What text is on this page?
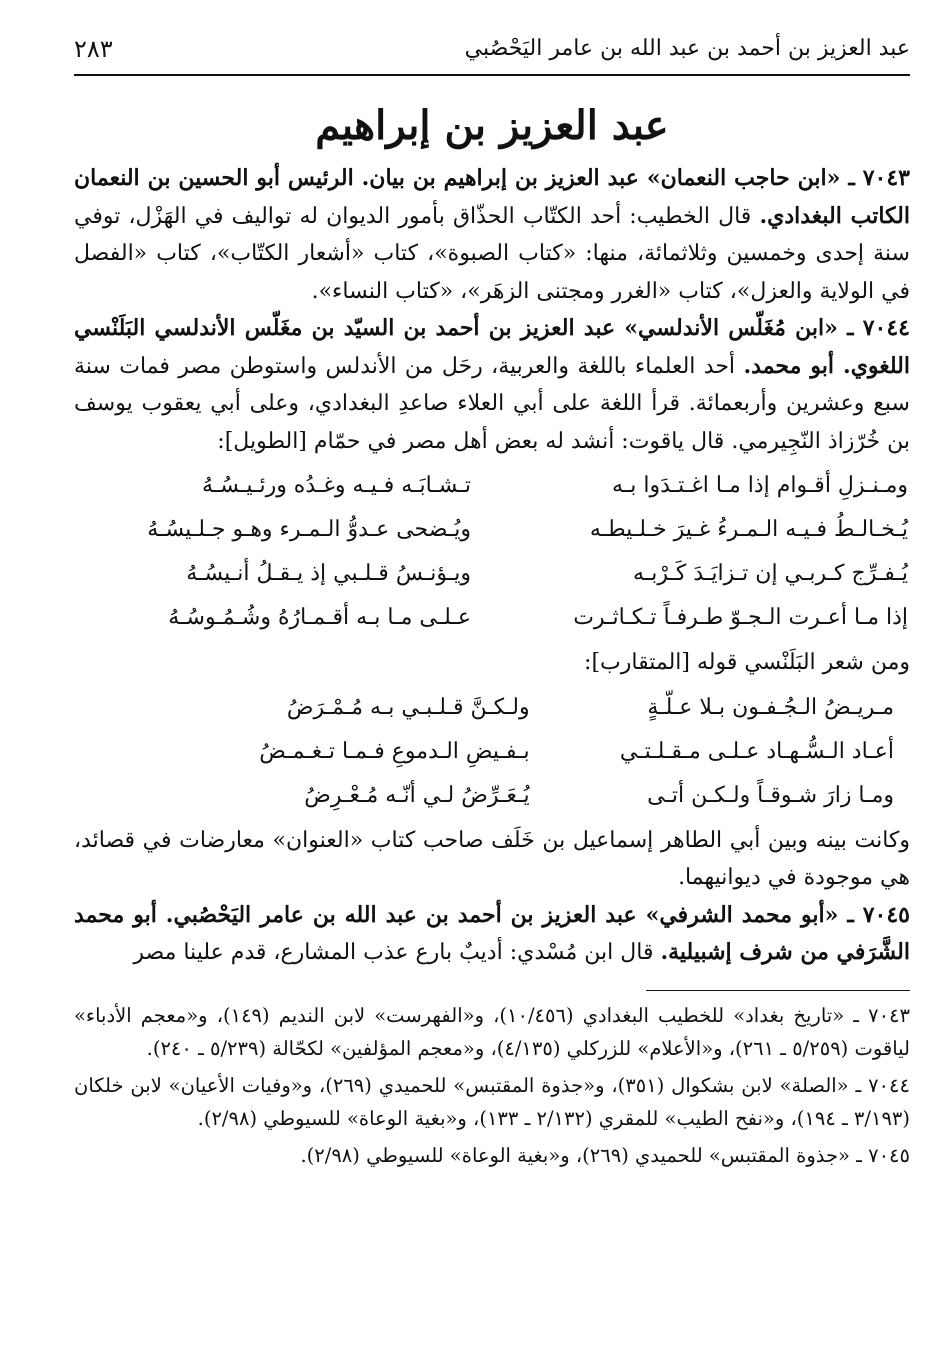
عبد العزيز بن أحمد بن عبد الله بن عامر اليَحْصُبي
٢٨٣
عبد العزيز بن إبراهيم

٧٠٤٣ ـ «ابن حاجب النعمان» عبد العزيز بن إبراهيم بن بيان. الرئيس أبو الحسين بن النعمان الكاتب البغدادي. قال الخطيب: أحد الكتّاب الحذّاق بأمور الديوان له تواليف في الهَزْل، توفي سنة إحدى وخمسين وثلاثمائة، منها: «كتاب الصبوة»، كتاب «أشعار الكتّاب»، كتاب «الفصل في الولاية والعزل»، كتاب «الغرر ومجتنى الزهَر»، «كتاب النساء».

٧٠٤٤ ـ «ابن مُغَلّس الأندلسي» عبد العزيز بن أحمد بن السيّد بن مغَلّس الأندلسي البَلَنْسي اللغوي. أبو محمد. أحد العلماء باللغة والعربية، رحَل من الأندلس واستوطن مصر فمات سنة سبع وعشرين وأربعمائة. قرأ اللغة على أبي العلاء صاعدِ البغدادي، وعلى أبي يعقوب يوسف بن خُرّزاذ النّجِيرمي. قال ياقوت: أنشد له بعض أهل مصر في حمّام [الطويل]:

ومـنـزلِ أقـوام إذا مـا اغـتـدَوا بـه
تـشـابَـه فـيـه وغـدُه ورئـيـسُـهُ
يُـخـالـطُ فـيـه الـمـرءُ غـيرَ خـلـيطـه
ويُـضحى عـدوُّ الـمـرء وهـو جـلـيسُـهُ
يُـفـرِّج كـربـي إن تـزايَـدَ كَـرْبـه
ويـؤنـسُ قـلـبي إذ يـقـلُ أنـيسُـهُ
إذا مـا أعـرت الـجـوّ طـرفـاً تـكـاثـرت
عـلـى مـا بـه أقـمـارُهُ وشُـمُـوسُـهُ

ومن شعر البَلَنْسي قوله [المتقارب]:

مـريـضُ الـجُـفـون بـلا عـلّـةٍ
ولـكـنَّ قـلـبـي بـه مُـمْـرَضُ
أعـاد الـسُّـهـاد عـلـى مـقـلـتـي
بـفـيضِ الـدموعِ فـمـا تـغـمـضُ
ومـا زارَ شـوقـاً ولـكـن أتـى
يُـعَـرِّضُ لـي أنّـه مُـعْـرِضُ

وكانت بينه وبين أبي الطاهر إسماعيل بن خَلَف صاحب كتاب «العنوان» معارضات في قصائد، هي موجودة في ديوانيهما.

٧٠٤٥ ـ «أبو محمد الشرفي» عبد العزيز بن أحمد بن عبد الله بن عامر اليَحْصُبي. أبو محمد الشَّرَفي من شرف إشبيلية. قال ابن مُسْدي: أديبٌ بارع عذب المشارع، قدم علينا مصر

٧٠٤٣ ـ «تاريخ بغداد» للخطيب البغدادي (١٠/٤٥٦)، و«الفهرست» لابن النديم (١٤٩)، و«معجم الأدباء» لياقوت (٥/٢٥٩ ـ ٢٦١)، و«الأعلام» للزركلي (٤/١٣٥)، و«معجم المؤلفين» لكحّالة (٥/٢٣٩ ـ ٢٤٠).

٧٠٤٤ ـ «الصلة» لابن بشكوال (٣٥١)، و«جذوة المقتبس» للحميدي (٢٦٩)، و«وفيات الأعيان» لابن خلكان (٣/١٩٣ ـ ١٩٤)، و«نفح الطيب» للمقري (٢/١٣٢ ـ ١٣٣)، و«بغية الوعاة» للسيوطي (٢/٩٨).

٧٠٤٥ ـ «جذوة المقتبس» للحميدي (٢٦٩)، و«بغية الوعاة» للسيوطي (٢/٩٨).
